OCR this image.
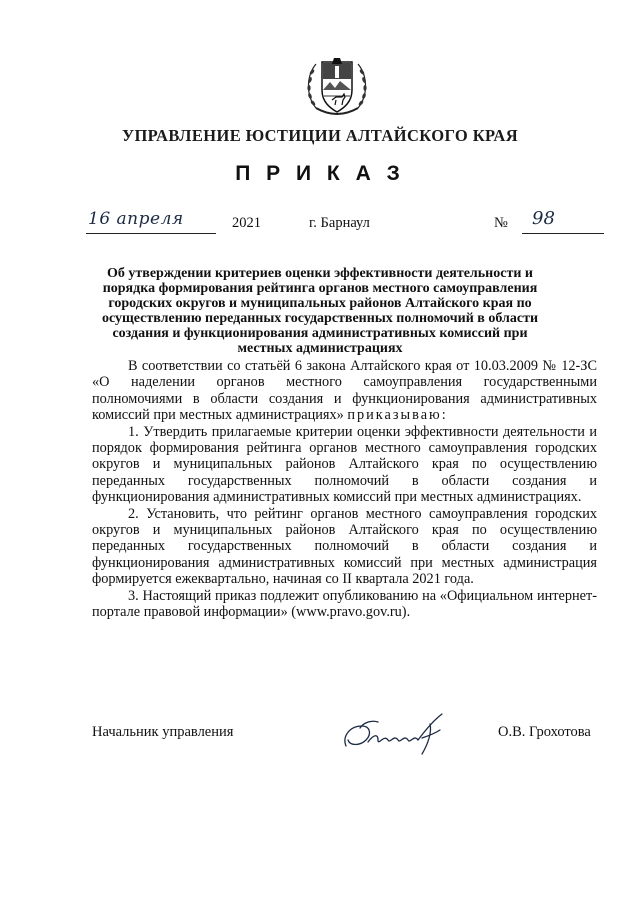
УПРАВЛЕНИЕ ЮСТИЦИИ АЛТАЙСКОГО КРАЯ
П Р И К А З
16 апреля	2021	г. Барнаул	№ 98
Об утверждении критериев оценки эффективности деятельности и порядка формирования рейтинга органов местного самоуправления городских округов и муниципальных районов Алтайского края по осуществлению переданных государственных полномочий в области создания и функционирования административных комиссий при местных администрациях

В соответствии со статьёй 6 закона Алтайского края от 10.03.2009 № 12-ЗС «О наделении органов местного самоуправления государственными полномочиями в области создания и функционирования административных комиссий при местных администрациях» приказываю:

1. Утвердить прилагаемые критерии оценки эффективности деятельности и порядок формирования рейтинга органов местного самоуправления городских округов и муниципальных районов Алтайского края по осуществлению переданных государственных полномочий в области создания и функционирования административных комиссий при местных администрациях.

2. Установить, что рейтинг органов местного самоуправления городских округов и муниципальных районов Алтайского края по осуществлению переданных государственных полномочий в области создания и функционирования административных комиссий при местных администрация формируется ежеквартально, начиная со II квартала 2021 года.

3. Настоящий приказ подлежит опубликованию на «Официальном интернет-портале правовой информации» (www.pravo.gov.ru).

Начальник управления	О.В. Грохотова
